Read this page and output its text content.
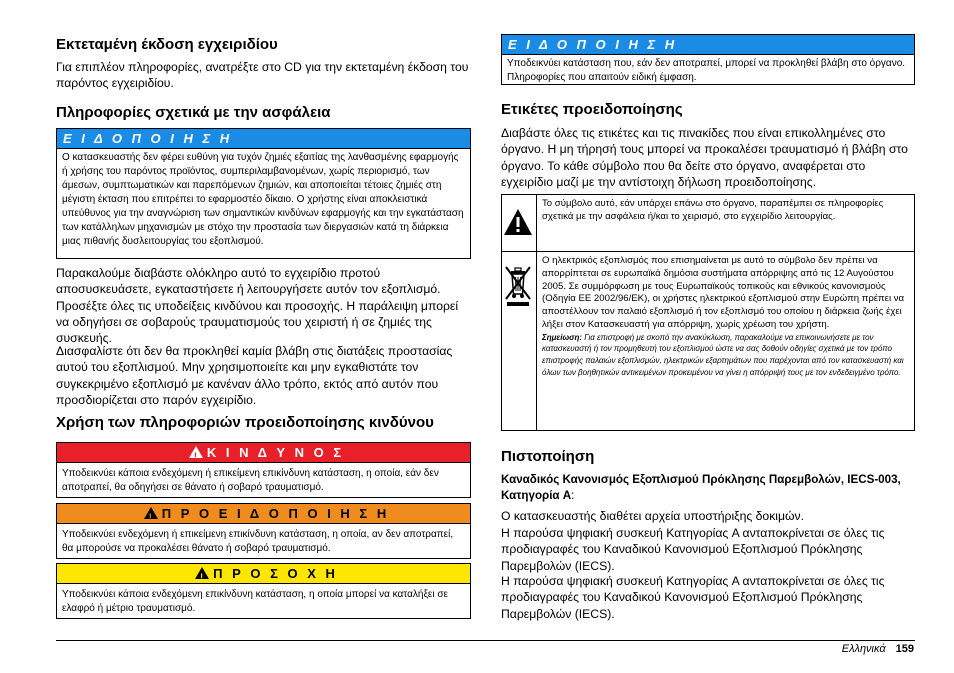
Εκτεταμένη έκδοση εγχειριδίου

Για επιπλέον πληροφορίες, ανατρέξτε στο CD για την εκτεταμένη έκδοση του παρόντος εγχειριδίου.

Πληροφορίες σχετικά με την ασφάλεια
Ε Ι Δ Ο Π Ο Ι Η Σ Η
Ο κατασκευαστής δεν φέρει ευθύνη για τυχόν ζημιές εξαιτίας της λανθασμένης εφαρμογής ή χρήσης του παρόντος προϊόντος, συμπεριλαμβανομένων, χωρίς περιορισμό, των άμεσων, συμπτωματικών και παρεπόμενων ζημιών, και αποποιείται τέτοιες ζημιές στη μέγιστη έκταση που επιτρέπει το εφαρμοστέο δίκαιο. Ο χρήστης είναι αποκλειστικά υπεύθυνος για την αναγνώριση των σημαντικών κινδύνων εφαρμογής και την εγκατάσταση των κατάλληλων μηχανισμών με στόχο την προστασία των διεργασιών κατά τη διάρκεια μιας πιθανής δυσλειτουργίας του εξοπλισμού.

Παρακαλούμε διαβάστε ολόκληρο αυτό το εγχειρίδιο πρoτού αποσυσκευάσετε, εγκαταστήσετε ή λειτουργήσετε αυτόν τον εξοπλισμό. Προσέξτε όλες τις υποδείξεις κινδύνου και προσοχής. Η παράλειψη μπορεί να οδηγήσει σε σοβαρούς τραυματισμούς του χειριστή ή σε ζημιές της συσκευής.

Διασφαλίστε ότι δεν θα προκληθεί καμία βλάβη στις διατάξεις προστασίας αυτού του εξοπλισμού. Μην χρησιμοποιείτε και μην εγκαθιστάτε τον συγκεκριμένο εξοπλισμό με κανέναν άλλο τρόπο, εκτός από αυτόν που προσδιορίζεται στο παρόν εγχειρίδιο.

Χρήση των πληροφοριών προειδοποίησης κινδύνου
!Κ Ι Ν Δ Υ Ν Ο Σ
Υποδεικνύει κάποια ενδεχόμενη ή επικείμενη επικίνδυνη κατάσταση, η οποία, εάν δεν αποτραπεί, θα οδηγήσει σε θάνατο ή σοβαρό τραυματισμό.
!Π Ρ Ο Ε Ι Δ Ο Π Ο Ι Η Σ Η
Υποδεικνύει ενδεχόμενη ή επικείμενη επικίνδυνη κατάσταση, η οποία, αν δεν αποτραπεί, θα μπορούσε να προκαλέσει θάνατο ή σοβαρό τραυματισμό.
!Π Ρ Ο Σ Ο Χ Η
Υποδεικνύει κάποια ενδεχόμενη επικίνδυνη κατάσταση, η οποία μπορεί να καταλήξει σε ελαφρό ή μέτριο τραυματισμό.
Ε Ι Δ Ο Π Ο Ι Η Σ Η
Υποδεικνύει κατάσταση που, εάν δεν αποτραπεί, μπορεί να προκληθεί βλάβη στο όργανο. Πληροφορίες που απαιτούν ειδική έμφαση.
Ετικέτες προειδοποίησης

Διαβάστε όλες τις ετικέτες και τις πινακίδες που είναι επικολλημένες στο όργανο. Η μη τήρησή τους μπορεί να προκαλέσει τραυματισμό ή βλάβη στο όργανο. Το κάθε σύμβολο που θα δείτε στο όργανο, αναφέρεται στο εγχειρίδιο μαζί με την αντίστοιχη δήλωση προειδοποίησης.

Το σύμβολο αυτό, εάν υπάρχει επάνω στο όργανο, παραπέμπει σε πληροφορίες σχετικά με την ασφάλεια ή/και το χειρισμό, στο εγχειρίδιο λειτουργίας.
Ο ηλεκτρικός εξοπλισμός που επισημαίνεται με αυτό το σύμβολο δεν πρέπει να απορρίπτεται σε ευρωπαϊκά δημόσια συστήματα απόρριψης από τις 12 Αυγούστου 2005. Σε συμμόρφωση με τους Ευρωπαϊκούς τοπικούς και εθνικούς κανονισμούς (Οδηγία ΕΕ 2002/96/ΕΚ), οι χρήστες ηλεκτρικού εξοπλισμού στην Ευρώπη πρέπει να αποστέλλουν τον παλαιό εξοπλισμό ή τον εξοπλισμό του οποίου η διάρκεια ζωής έχει λήξει στον Κατασκευαστή για απόρριψη, χωρίς χρέωση του χρήστη.
Σημείωση: Για επιστροφή με σκοπό την ανακύκλωση, παρακαλούμε να επικοινωνήσετε με τον κατασκευαστή ή τον προμηθευτή του εξοπλισμού ώστε να σας δοθούν οδηγίες σχετικά με τον τρόπο επιστροφής παλαιών εξοπλισμών, ηλεκτρικών εξαρτημάτων που παρέχονται από τον κατασκευαστή και όλων των βοηθητικών αντικειμένων προκειμένου να γίνει η απόρριψή τους με τον ενδεδειγμένο τρόπο.
Πιστοποίηση

Καναδικός Κανονισμός Εξοπλισμού Πρόκλησης Παρεμβολών, IECS-003, Κατηγορία A:

Ο κατασκευαστής διαθέτει αρχεία υποστήριξης δοκιμών.

Η παρούσα ψηφιακή συσκευή Κατηγορίας A ανταποκρίνεται σε όλες τις προδιαγραφές του Καναδικού Κανονισμού Εξοπλισμού Πρόκλησης Παρεμβολών (IECS).

Η παρούσα ψηφιακή συσκευή Κατηγορίας A ανταποκρίνεται σε όλες τις προδιαγραφές του Καναδικού Κανονισμού Εξοπλισμού Πρόκλησης Παρεμβολών (IECS).

Ελληνικά 159
